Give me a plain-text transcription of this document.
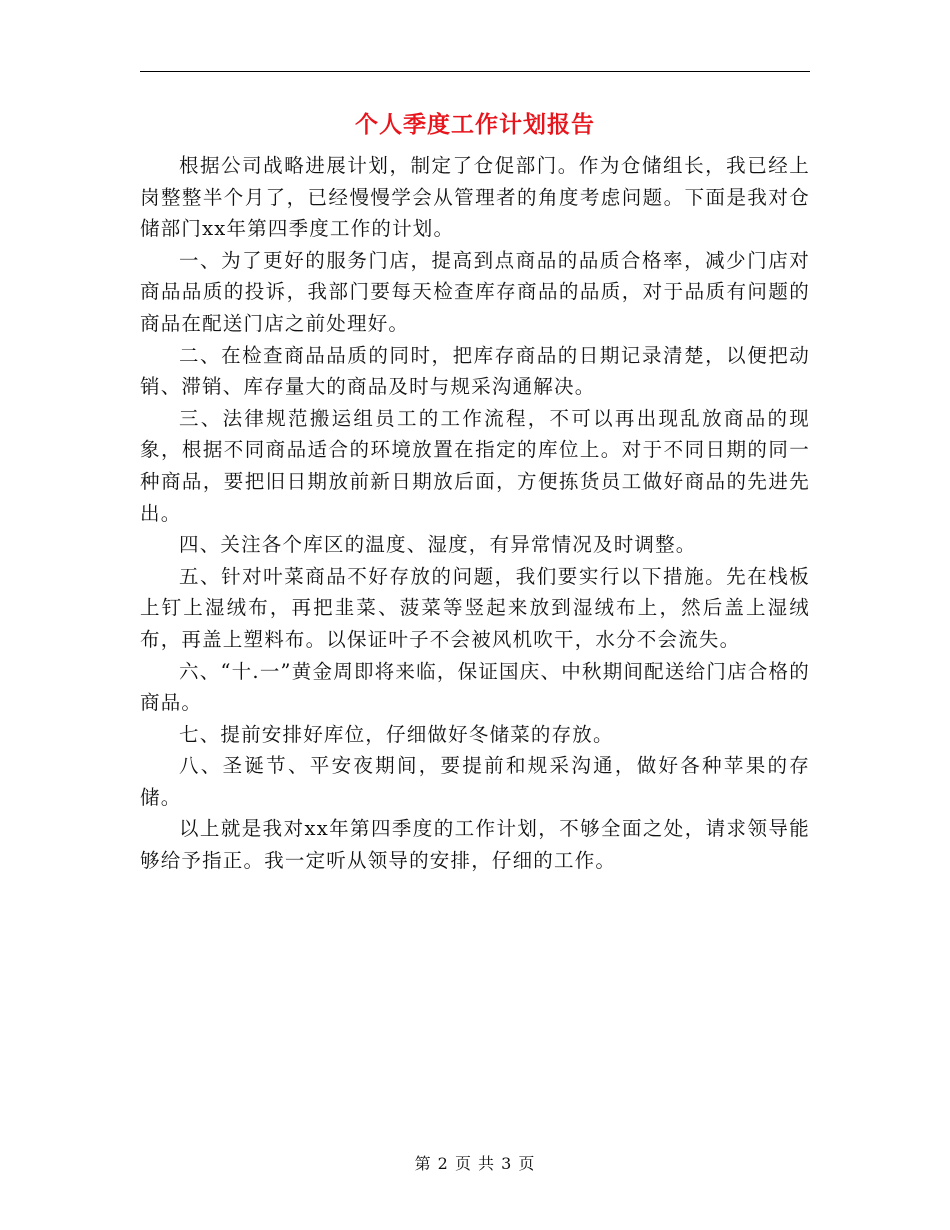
个人季度工作计划报告

根据公司战略进展计划，制定了仓促部门。作为仓储组长，我已经上岗整整半个月了，已经慢慢学会从管理者的角度考虑问题。下面是我对仓储部门xx年第四季度工作的计划。

一、为了更好的服务门店，提高到点商品的品质合格率，减少门店对商品品质的投诉，我部门要每天检查库存商品的品质，对于品质有问题的商品在配送门店之前处理好。

二、在检查商品品质的同时，把库存商品的日期记录清楚，以便把动销、滞销、库存量大的商品及时与规采沟通解决。

三、法律规范搬运组员工的工作流程，不可以再出现乱放商品的现象，根据不同商品适合的环境放置在指定的库位上。对于不同日期的同一种商品，要把旧日期放前新日期放后面，方便拣货员工做好商品的先进先出。

四、关注各个库区的温度、湿度，有异常情况及时调整。

五、针对叶菜商品不好存放的问题，我们要实行以下措施。先在栈板上钉上湿绒布，再把韭菜、菠菜等竖起来放到湿绒布上，然后盖上湿绒布，再盖上塑料布。以保证叶子不会被风机吹干，水分不会流失。

六、“十.一”黄金周即将来临，保证国庆、中秋期间配送给门店合格的商品。

七、提前安排好库位，仔细做好冬储菜的存放。

八、圣诞节、平安夜期间，要提前和规采沟通，做好各种苹果的存储。

以上就是我对xx年第四季度的工作计划，不够全面之处，请求领导能够给予指正。我一定听从领导的安排，仔细的工作。

第 2 页 共 3 页
